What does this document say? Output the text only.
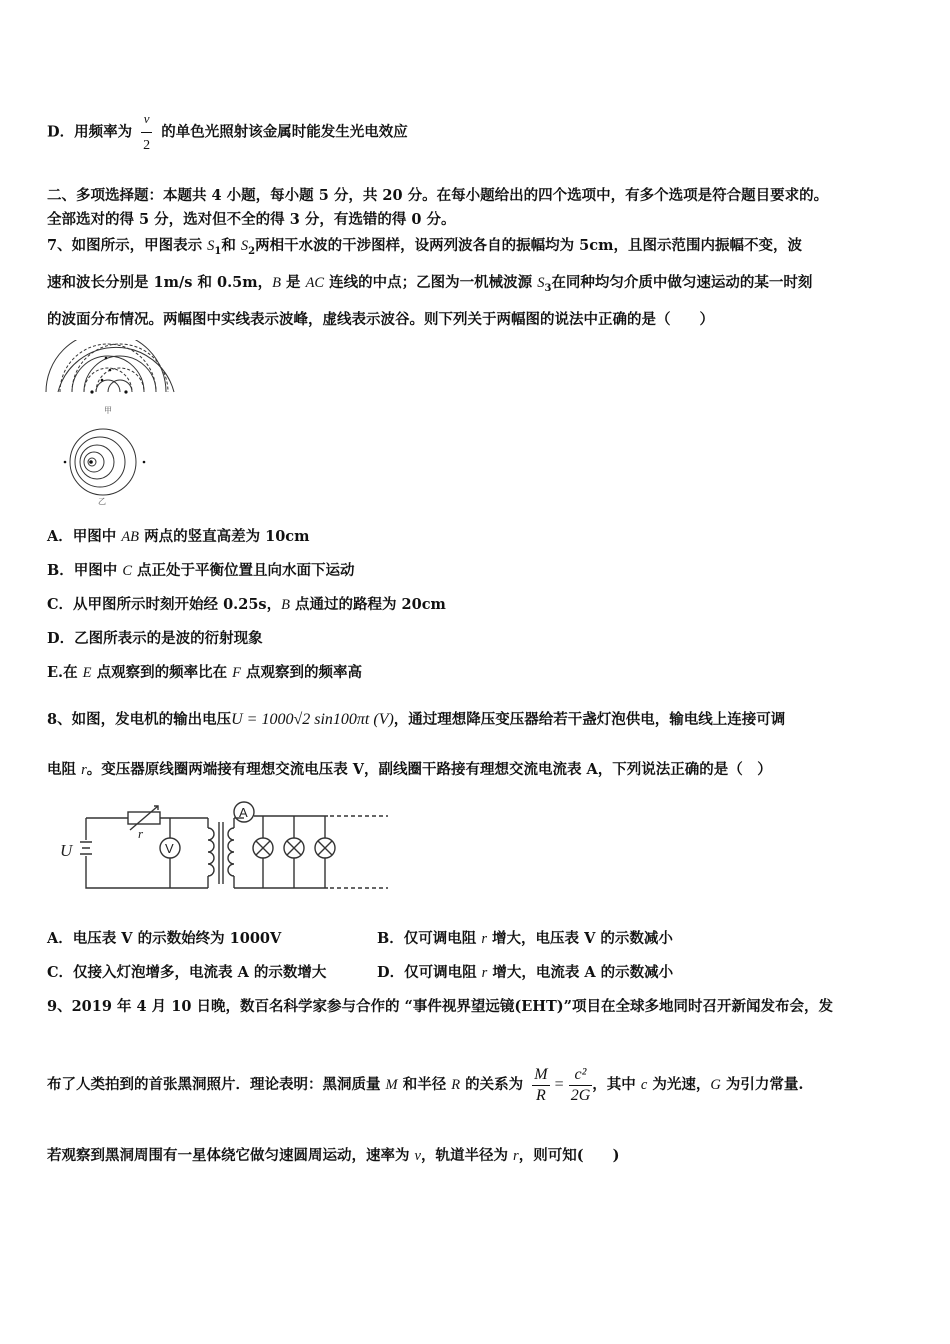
D．用频率为 $\frac{v}{2}$ 的单色光照射该金属时能发生光电效应
二、多项选择题：本题共 4 小题，每小题 5 分，共 20 分。在每小题给出的四个选项中，有多个选项是符合题目要求的。
全部选对的得 5 分，选对但不全的得 3 分，有选错的得 0 分。
7、如图所示，甲图表示 $S_1$和 $S_2$两相干水波的干涉图样，设两列波各自的振幅均为 5cm，且图示范围内振幅不变，波
速和波长分别是 1m/s 和 0.5m，B 是 AC 连线的中点；乙图为一机械波源 $S_3$在同种均匀介质中做匀速运动的某一时刻
的波面分布情况。两幅图中实线表示波峰，虚线表示波谷。则下列关于两幅图的说法中正确的是（　　）
甲
乙
A．甲图中 AB 两点的竖直高差为 10cm
B．甲图中 C 点正处于平衡位置且向水面下运动
C．从甲图所示时刻开始经 0.25s，B 点通过的路程为 20cm
D．乙图所表示的是波的衍射现象
E.在 E 点观察到的频率比在 F 点观察到的频率高
8、如图，发电机的输出电压U = 1000√2 sin100πt (V)，通过理想降压变压器给若干盏灯泡供电，输电线上连接可调
电阻 r。变压器原线圈两端接有理想交流电压表 V，副线圈干路接有理想交流电流表 A，下列说法正确的是（　）
U
r
V
A
A．电压表 V 的示数始终为 1000V	B．仅可调电阻 r 增大，电压表 V 的示数减小
C．仅接入灯泡增多，电流表 A 的示数增大	D．仅可调电阻 r 增大，电流表 A 的示数减小
9、2019 年 4 月 10 日晚，数百名科学家参与合作的 “事件视界望远镜(EHT)”项目在全球多地同时召开新闻发布会，发
布了人类拍到的首张黑洞照片．理论表明：黑洞质量 M 和半径 R 的关系为 $\frac{M}{R} = \frac{\text{c²}}{2G}$ ，其中 c 为光速，G 为引力常量.
若观察到黑洞周围有一星体绕它做匀速圆周运动，速率为 v，轨道半径为 r，则可知(　　)
